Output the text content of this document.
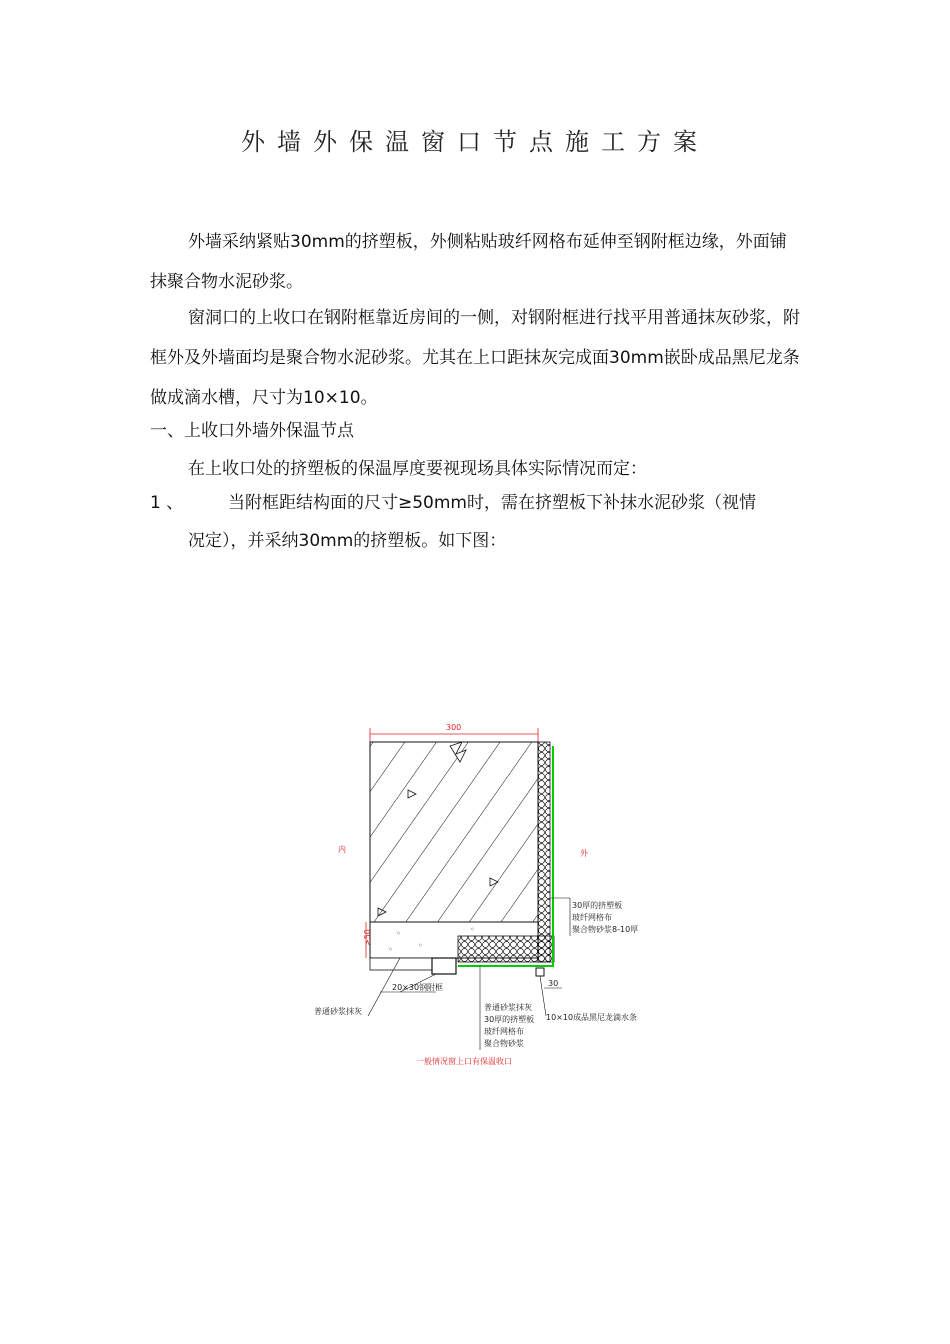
外墙外保温窗口节点施工方案

外墙采纳紧贴30mm的挤塑板，外侧粘贴玻纤网格布延伸至钢附框边缘，外面铺抹聚合物水泥砂浆。

窗洞口的上收口在钢附框靠近房间的一侧，对钢附框进行找平用普通抹灰砂浆，附框外及外墙面均是聚合物水泥砂浆。尤其在上口距抹灰完成面30mm嵌卧成品黑尼龙条做成滴水槽，尺寸为10×10。

一、上收口外墙外保温节点
在上收口处的挤塑板的保温厚度要视现场具体实际情况而定：
1 、	当附框距结构面的尺寸≥50mm时，需在挤塑板下补抹水泥砂浆（视情
况定），并采纳30mm的挤塑板。如下图：
300
◦
◦
◦
◦
内	外
>50
30
30厚的挤塑板
玻纤网格布
聚合物砂浆8-10厚
20×30钢附框
普通砂浆抹灰	普通砂浆抹灰
30厚的挤塑板
玻纤网格布
聚合物砂浆
10×10成品黑尼龙滴水条
一般情况窗上口有保温收口
